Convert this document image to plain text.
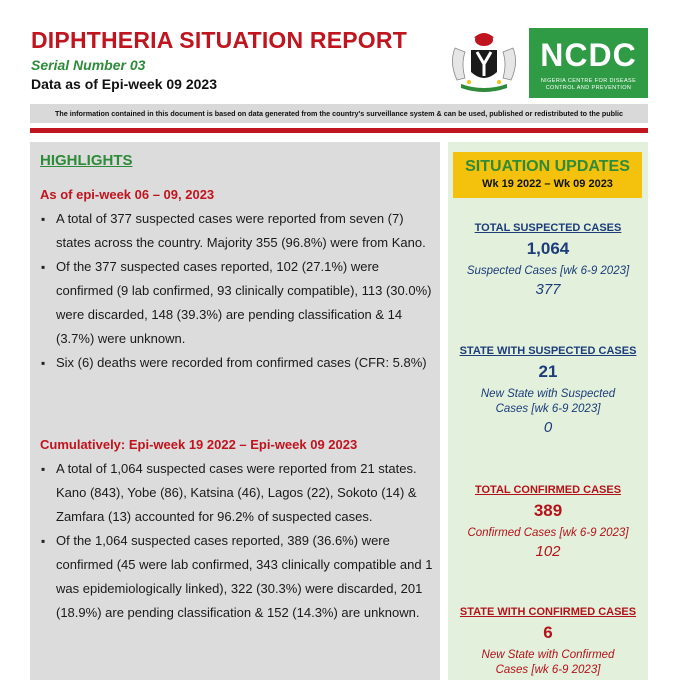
DIPHTHERIA SITUATION REPORT
Serial Number 03
Data as of Epi-week 09 2023
NCDC
NIGERIA CENTRE FOR DISEASE CONTROL AND PREVENTION
The information contained in this document is based on data generated from the country's surveillance system & can be used, published or redistributed to the public
HIGHLIGHTS
As of epi-week 06 – 09, 2023
▪ A total of 377 suspected cases were reported from seven (7) states across the country. Majority 355 (96.8%) were from Kano.
▪ Of the 377 suspected cases reported, 102 (27.1%) were confirmed (9 lab confirmed, 93 clinically compatible), 113 (30.0%) were discarded, 148 (39.3%) are pending classification & 14 (3.7%) were unknown.
▪ Six (6) deaths were recorded from confirmed cases (CFR: 5.8%)
Cumulatively: Epi-week 19 2022 – Epi-week 09 2023
▪ A total of 1,064 suspected cases were reported from 21 states. Kano (843), Yobe (86), Katsina (46), Lagos (22), Sokoto (14) & Zamfara (13) accounted for 96.2% of suspected cases.
▪ Of the 1,064 suspected cases reported, 389 (36.6%) were confirmed (45 were lab confirmed, 343 clinically compatible and 1 was epidemiologically linked), 322 (30.3%) were discarded, 201 (18.9%) are pending classification & 152 (14.3%) are unknown.
SITUATION UPDATES
Wk 19 2022 – Wk 09 2023
TOTAL SUSPECTED CASES
1,064
Suspected Cases [wk 6-9 2023]
377
STATE WITH SUSPECTED CASES
21
New State with Suspected Cases [wk 6-9 2023]
0
TOTAL CONFIRMED CASES
389
Confirmed Cases [wk 6-9 2023]
102
STATE WITH CONFIRMED CASES
6
New State with Confirmed Cases [wk 6-9 2023]
